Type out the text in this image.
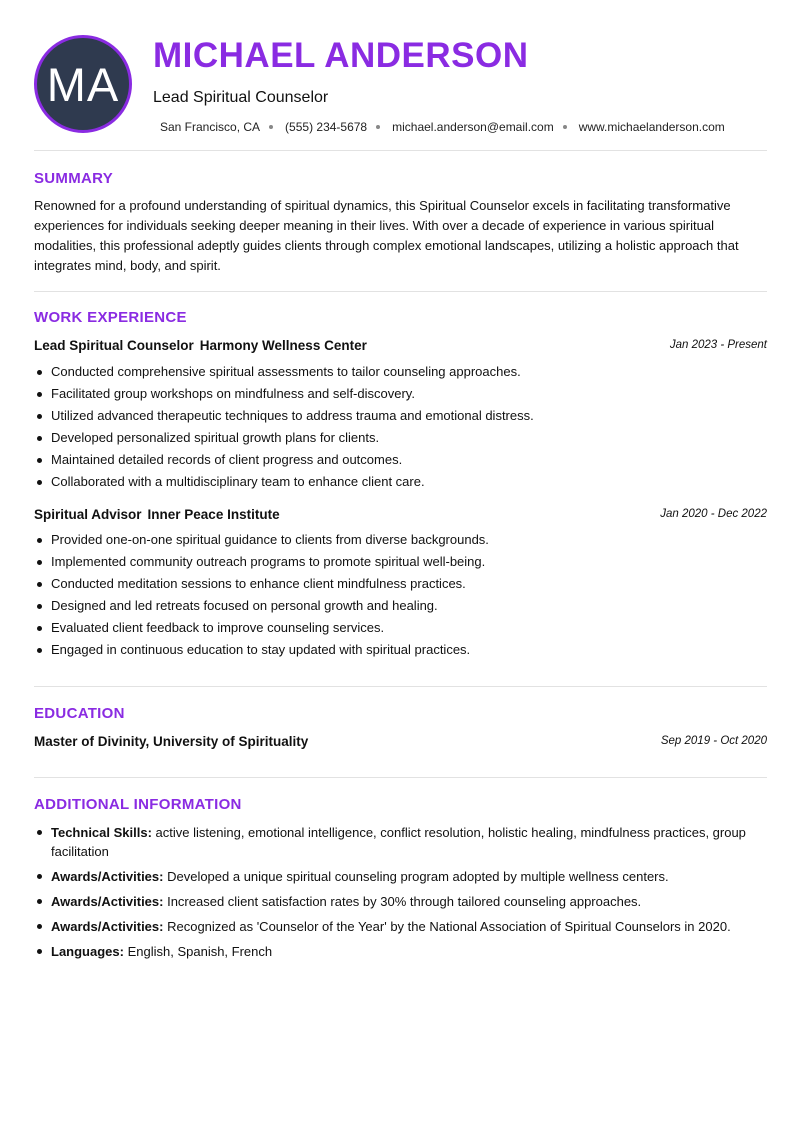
MA
MICHAEL ANDERSON
Lead Spiritual Counselor
San Francisco, CA (555) 234-5678 michael.anderson@email.com www.michaelanderson.com
SUMMARY

Renowned for a profound understanding of spiritual dynamics, this Spiritual Counselor excels in facilitating transformative experiences for individuals seeking deeper meaning in their lives. With over a decade of experience in various spiritual modalities, this professional adeptly guides clients through complex emotional landscapes, utilizing a holistic approach that integrates mind, body, and spirit.

WORK EXPERIENCE
Lead Spiritual Counselor Harmony Wellness Center	Jan 2023 - Present
Conducted comprehensive spiritual assessments to tailor counseling approaches.
Facilitated group workshops on mindfulness and self-discovery.
Utilized advanced therapeutic techniques to address trauma and emotional distress.
Developed personalized spiritual growth plans for clients.
Maintained detailed records of client progress and outcomes.
Collaborated with a multidisciplinary team to enhance client care.
Spiritual Advisor Inner Peace Institute	Jan 2020 - Dec 2022
Provided one-on-one spiritual guidance to clients from diverse backgrounds.
Implemented community outreach programs to promote spiritual well-being.
Conducted meditation sessions to enhance client mindfulness practices.
Designed and led retreats focused on personal growth and healing.
Evaluated client feedback to improve counseling services.
Engaged in continuous education to stay updated with spiritual practices.
EDUCATION
Master of Divinity, University of Spirituality	Sep 2019 - Oct 2020
ADDITIONAL INFORMATION
Technical Skills: active listening, emotional intelligence, conflict resolution, holistic healing, mindfulness practices, group facilitation
Awards/Activities: Developed a unique spiritual counseling program adopted by multiple wellness centers.
Awards/Activities: Increased client satisfaction rates by 30% through tailored counseling approaches.
Awards/Activities: Recognized as 'Counselor of the Year' by the National Association of Spiritual Counselors in 2020.
Languages: English, Spanish, French
